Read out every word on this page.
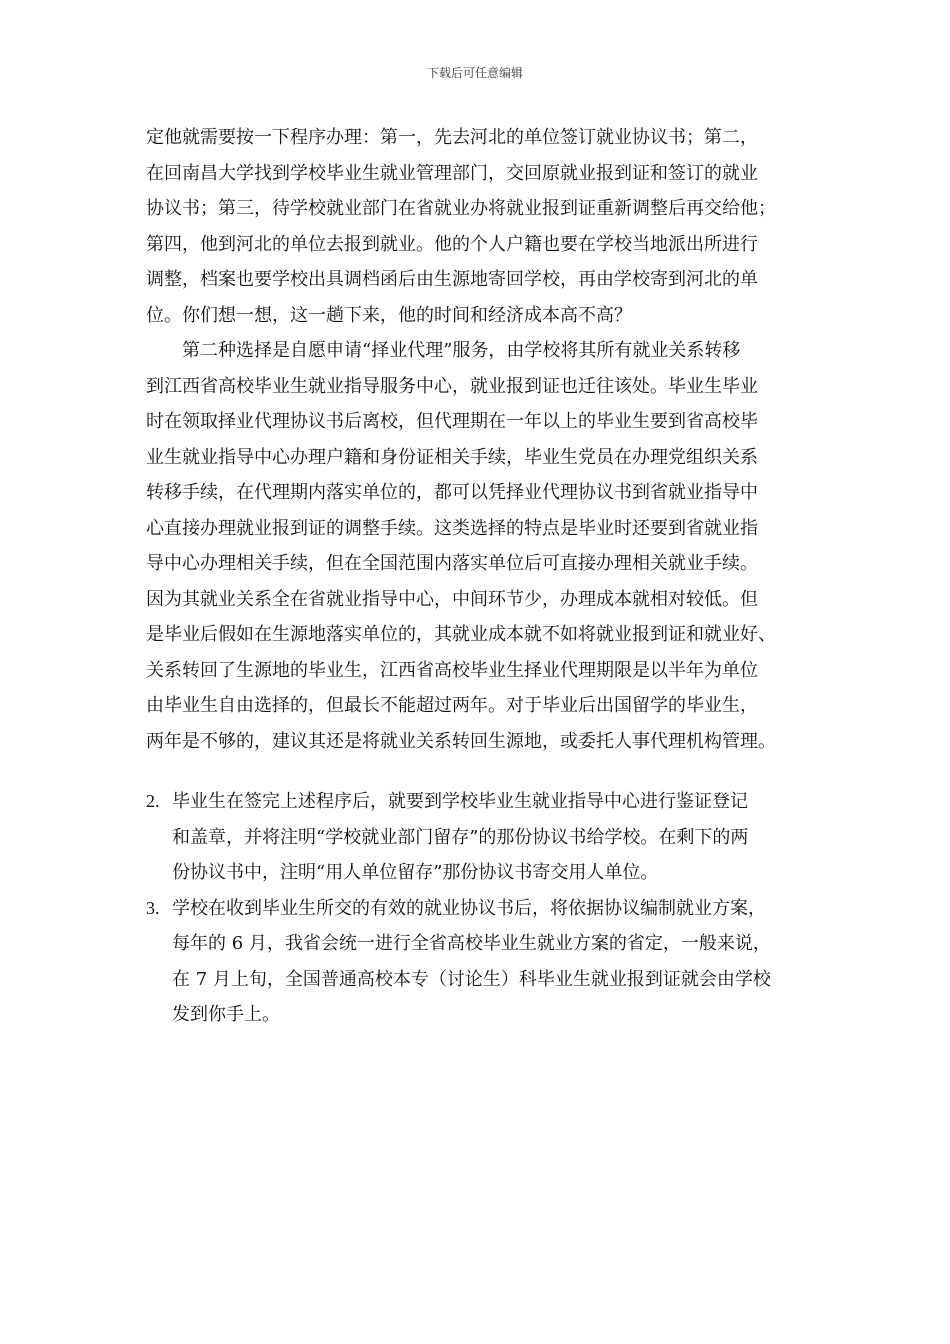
下载后可任意编辑
定他就需要按一下程序办理：第一，先去河北的单位签订就业协议书；第二，
在回南昌大学找到学校毕业生就业管理部门，交回原就业报到证和签订的就业
协议书；第三，待学校就业部门在省就业办将就业报到证重新调整后再交给他；
第四，他到河北的单位去报到就业。他的个人户籍也要在学校当地派出所进行
调整，档案也要学校出具调档函后由生源地寄回学校，再由学校寄到河北的单
位。你们想一想，这一趟下来，他的时间和经济成本高不高？
　　第二种选择是自愿申请“择业代理”服务，由学校将其所有就业关系转移
到江西省高校毕业生就业指导服务中心，就业报到证也迁往该处。毕业生毕业
时在领取择业代理协议书后离校，但代理期在一年以上的毕业生要到省高校毕
业生就业指导中心办理户籍和身份证相关手续，毕业生党员在办理党组织关系
转移手续，在代理期内落实单位的，都可以凭择业代理协议书到省就业指导中
心直接办理就业报到证的调整手续。这类选择的特点是毕业时还要到省就业指
导中心办理相关手续，但在全国范围内落实单位后可直接办理相关就业手续。
因为其就业关系全在省就业指导中心，中间环节少，办理成本就相对较低。但
是毕业后假如在生源地落实单位的，其就业成本就不如将就业报到证和就业好、
关系转回了生源地的毕业生，江西省高校毕业生择业代理期限是以半年为单位
由毕业生自由选择的，但最长不能超过两年。对于毕业后出国留学的毕业生，
两年是不够的，建议其还是将就业关系转回生源地，或委托人事代理机构管理。
2. 毕业生在签完上述程序后，就要到学校毕业生就业指导中心进行鉴证登记
和盖章，并将注明“学校就业部门留存”的那份协议书给学校。在剩下的两
份协议书中，注明“用人单位留存”那份协议书寄交用人单位。
3. 学校在收到毕业生所交的有效的就业协议书后，将依据协议编制就业方案，
每年的 6 月，我省会统一进行全省高校毕业生就业方案的省定，一般来说，
在 7 月上旬，全国普通高校本专（讨论生）科毕业生就业报到证就会由学校
发到你手上。
